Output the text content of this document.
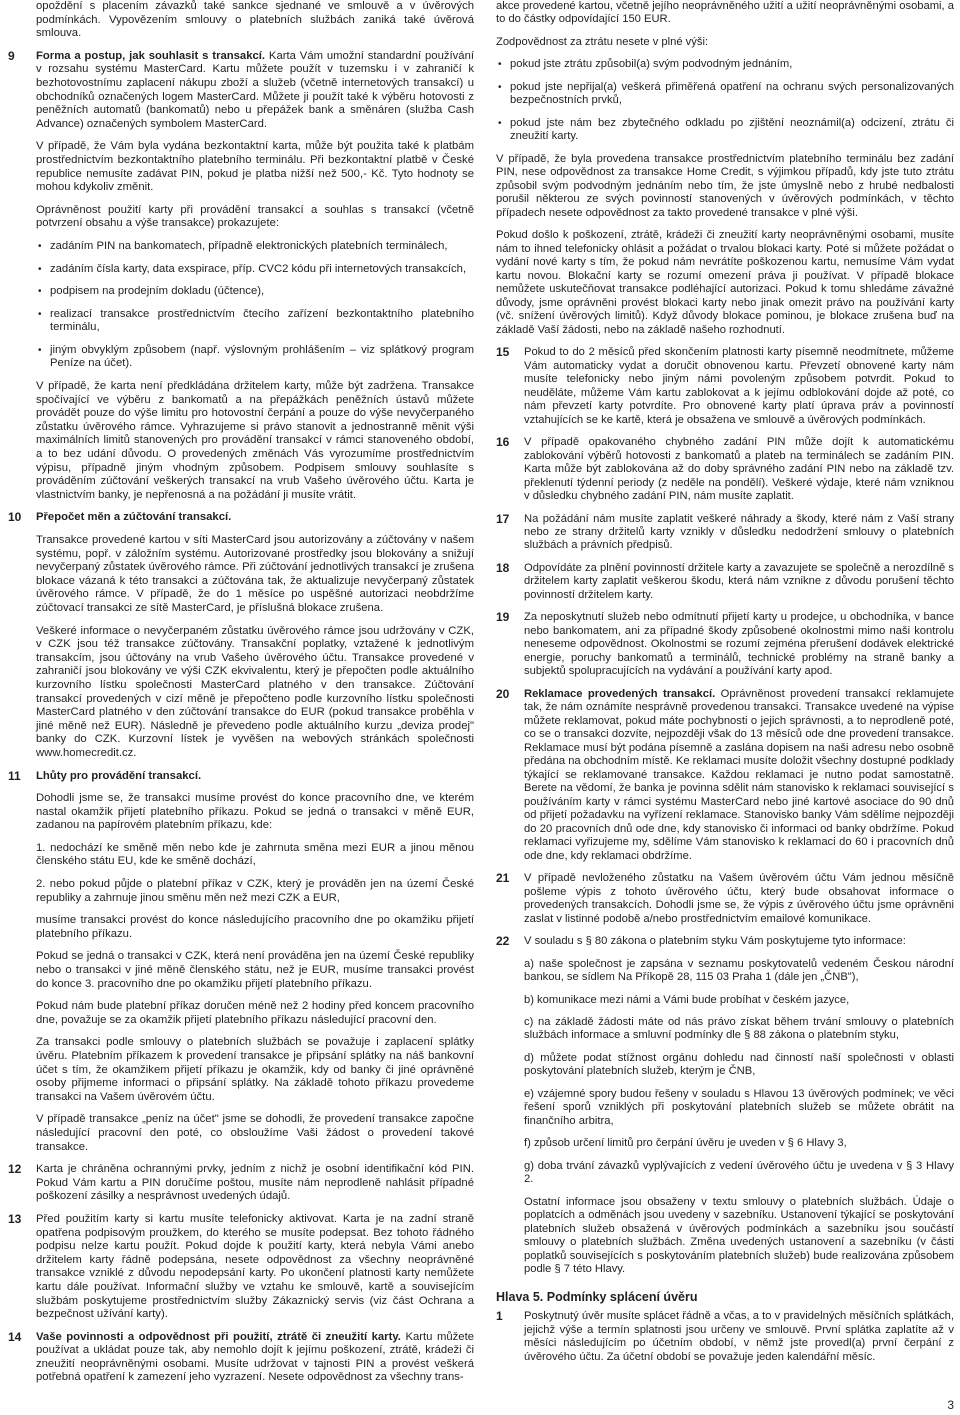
opoždění s placením závazků také sankce sjednané ve smlouvě a v úvěrových podmínkách. Vypovězením smlouvy o platebních službách zaniká také úvěrová smlouva.

9	Forma a postup, jak souhlasit s transakcí. Karta Vám umožní standardní používání v rozsahu systému MasterCard. Kartu můžete použít v tuzemsku i v zahraničí k bezhotovostnímu zaplacení nákupu zboží a služeb (včetně internetových transakcí) u obchodníků označených logem MasterCard. Můžete ji použít také k výběru hotovosti z peněžních automatů (bankomatů) nebo u přepážek bank a směnáren (služba Cash Advance) označených symbolem MasterCard.

V případě, že Vám byla vydána bezkontaktní karta, může být použita také k platbám prostřednictvím bezkontaktního platebního terminálu. Při bezkontaktní platbě v České republice nemusíte zadávat PIN, pokud je platba nižší než 500,- Kč. Tyto hodnoty se mohou kdykoliv změnit.

Oprávněnost použití karty při provádění transakcí a souhlas s transakcí (včetně potvrzení obsahu a výše transakce) prokazujete:

• zadáním PIN na bankomatech, případně elektronických platebních terminálech,
• zadáním čísla karty, data exspirace, příp. CVC2 kódu při internetových transakcích,
• podpisem na prodejním dokladu (účtence),
• realizací transakce prostřednictvím čtecího zařízení bezkontaktního platebního terminálu,
• jiným obvyklým způsobem (např. výslovným prohlášením – viz splátkový program Peníze na účet).

V případě, že karta není předkládána držitelem karty, může být zadržena. Transakce spočívající ve výběru z bankomatů a na přepážkách peněžních ústavů můžete provádět pouze do výše limitu pro hotovostní čerpání a pouze do výše nevyčerpaného zůstatku úvěrového rámce. Vyhrazujeme si právo stanovit a jednostranně měnit výši maximálních limitů stanovených pro provádění transakcí v rámci stanoveného období, a to bez udání důvodu. O provedených změnách Vás vyrozumíme prostřednictvím výpisu, případně jiným vhodným způsobem. Podpisem smlouvy souhlasíte s prováděním zúčtování veškerých transakcí na vrub Vašeho úvěrového účtu. Karta je vlastnictvím banky, je nepřenosná a na požádání ji musíte vrátit.

10	Přepočet měn a zúčtování transakcí.

Transakce provedené kartou v síti MasterCard jsou autorizovány a zúčtovány v našem systému, popř. v záložním systému. Autorizované prostředky jsou blokovány a snižují nevyčerpaný zůstatek úvěrového rámce. Při zúčtování jednotlivých transakcí je zrušena blokace vázaná k této transakci a zúčtována tak, že aktualizuje nevyčerpaný zůstatek úvěrového rámce. V případě, že do 1 měsíce po uspěšné autorizaci neobdržíme zúčtovací transakci ze sítě MasterCard, je příslušná blokace zrušena.

Veškeré informace o nevyčerpaném zůstatku úvěrového rámce jsou udržovány v CZK, v CZK jsou též transakce zúčtovány. Transakční poplatky, vztažené k jednotlivým transakcím, jsou účtovány na vrub Vašeho úvěrového účtu. Transakce provedené v zahraničí jsou blokovány ve výši CZK ekvivalentu, který je přepočten podle aktuálního kurzovního lístku společnosti MasterCard platného v den transakce. Zúčtování transakcí provedených v cizí měně je přepočteno podle kurzovního lístku společnosti MasterCard platného v den zúčtování transakce do EUR (pokud transakce proběhla v jiné měně než EUR). Následně je převedeno podle aktuálního kurzu „deviza prodej" banky do CZK. Kurzovní lístek je vyvěšen na webových stránkách společnosti www.homecredit.cz.

11	Lhůty pro provádění transakcí.

Dohodli jsme se, že transakci musíme provést do konce pracovního dne, ve kterém nastal okamžik přijetí platebního příkazu. Pokud se jedná o transakci v měně EUR, zadanou na papírovém platebním příkazu, kde:

1. nedochází ke směně měn nebo kde je zahrnuta směna mezi EUR a jinou měnou členského státu EU, kde ke směně dochází,

2. nebo pokud půjde o platební příkaz v CZK, který je prováděn jen na území České republiky a zahrnuje jinou směnu měn než mezi CZK a EUR,

musíme transakci provést do konce následujícího pracovního dne po okamžiku přijetí platebního příkazu.

Pokud se jedná o transakci v CZK, která není prováděna jen na území České republiky nebo o transakci v jiné měně členského státu, než je EUR, musíme transakci provést do konce 3. pracovního dne po okamžiku přijetí platebního příkazu.

Pokud nám bude platební příkaz doručen méně než 2 hodiny před koncem pracovního dne, považuje se za okamžik přijetí platebního příkazu následující pracovní den.

Za transakci podle smlouvy o platebních službách se považuje i zaplacení splátky úvěru. Platebním příkazem k provedení transakce je připsání splátky na náš bankovní účet s tím, že okamžikem přijetí příkazu je okamžik, kdy od banky či jiné oprávněné osoby přijmeme informaci o připsání splátky. Na základě tohoto příkazu provedeme transakci na Vašem úvěrovém účtu.

V případě transakce „peníz na účet" jsme se dohodli, že provedení transakce započne následující pracovní den poté, co obsloužíme Vaši žádost o provedení takové transakce.

12	Karta je chráněna ochrannými prvky, jedním z nichž je osobní identifikační kód PIN. Pokud Vám kartu a PIN doručíme poštou, musíte nám neprodleně nahlásit případné poškození zásilky a nesprávnost uvedených údajů.

13	Před použitím karty si kartu musíte telefonicky aktivovat. Karta je na zadní straně opatřena podpisovým proužkem, do kterého se musíte podepsat. Bez tohoto řádného podpisu nelze kartu použít. Pokud dojde k použití karty, která nebyla Vámi anebo držitelem karty řádně podepsána, nesete odpovědnost za všechny neoprávněné transakce vzniklé z důvodu nepodepsání karty. Po ukončení platnosti karty nemůžete kartu dále používat. Informační služby ve vztahu ke smlouvě, kartě a souvisejícím službám poskytujeme prostřednictvím služby Zákaznický servis (viz část Ochrana a bezpečnost užívání karty).

14	Vaše povinnosti a odpovědnost při použití, ztrátě či zneužití karty. Kartu můžete používat a ukládat pouze tak, aby nemohlo dojít k jejímu poškození, ztrátě, krádeži či zneužití neoprávněnými osobami. Musíte udržovat v tajnosti PIN a provést veškerá potřebná opatření k zamezení jeho vyzrazení. Nesete odpovědnost za všechny trans-

akce provedené kartou, včetně jejího neoprávněného užití a užití neoprávněnými osobami, a to do částky odpovídající 150 EUR.

Zodpovědnost za ztrátu nesete v plné výši:

• pokud jste ztrátu způsobil(a) svým podvodným jednáním,
• pokud jste nepřijal(a) veškerá přiměřená opatření na ochranu svých personalizovaných bezpečnostních prvků,
• pokud jste nám bez zbytečného odkladu po zjištění neoznámil(a) odcizení, ztrátu či zneužití karty.

V případě, že byla provedena transakce prostřednictvím platebního terminálu bez zadání PIN, nese odpovědnost za transakce Home Credit, s výjimkou případů, kdy jste tuto ztrátu způsobil svým podvodným jednáním nebo tím, že jste úmyslně nebo z hrubé nedbalosti porušil některou ze svých povinností stanovených v úvěrových podmínkách, v těchto případech nesete odpovědnost za takto provedené transakce v plné výši.

Pokud došlo k poškození, ztrátě, krádeži či zneužití karty neoprávněnými osobami, musíte nám to ihned telefonicky ohlásit a požádat o trvalou blokaci karty. Poté si můžete požádat o vydání nové karty s tím, že pokud nám nevrátíte poškozenou kartu, nemusíme Vám vydat kartu novou. Blokační karty se rozumí omezení práva ji používat. V případě blokace nemůžete uskutečňovat transakce podléhající autorizaci. Pokud k tomu shledáme závažné důvody, jsme oprávněni provést blokaci karty nebo jinak omezit právo na používání karty (vč. snížení úvěrových limitů). Když důvody blokace pominou, je blokace zrušena buď na základě Vaší žádosti, nebo na základě našeho rozhodnutí.

15	Pokud to do 2 měsíců před skončením platnosti karty písemně neodmítnete, můžeme Vám automaticky vydat a doručit obnovenou kartu. Převzetí obnovené karty nám musíte telefonicky nebo jiným námi povoleným způsobem potvrdit. Pokud to neuděláte, můžeme Vám kartu zablokovat a k jejímu odblokování dojde až poté, co nám převzetí karty potvrdíte. Pro obnovené karty platí úprava práv a povinností vztahujících se ke kartě, která je obsažena ve smlouvě a úvěrových podmínkách.

16	V případě opakovaného chybného zadání PIN může dojít k automatickému zablokování výběrů hotovosti z bankomatů a plateb na terminálech se zadáním PIN. Karta může být zablokována až do doby správného zadání PIN nebo na základě tzv. překlenutí týdenní periody (z neděle na pondělí). Veškeré výdaje, které nám vzniknou v důsledku chybného zadání PIN, nám musíte zaplatit.

17	Na požádání nám musíte zaplatit veškeré náhrady a škody, které nám z Vaší strany nebo ze strany držitelů karty vznikly v důsledku nedodržení smlouvy o platebních službách a právních předpisů.

18	Odpovídáte za plnění povinností držitele karty a zavazujete se společně a nerozdílně s držitelem karty zaplatit veškerou škodu, která nám vznikne z důvodu porušení těchto povinností držitelem karty.

19	Za neposkytnutí služeb nebo odmítnutí přijetí karty u prodejce, u obchodníka, v bance nebo bankomatem, ani za případné škody způsobené okolnostmi mimo naši kontrolu neneseme odpovědnost. Okolnostmi se rozumí zejména přerušení dodávek elektrické energie, poruchy bankomatů a terminálů, technické problémy na straně banky a subjektů spolupracujících na vydávání a používání karty apod.

20	Reklamace provedených transakcí. Oprávněnost provedení transakcí reklamujete tak, že nám oznámíte nesprávně provedenou transakci. Transakce uvedené na výpise můžete reklamovat, pokud máte pochybnosti o jejich správnosti, a to neprodleně poté, co se o transakci dozvíte, nejpozději však do 13 měsíců ode dne provedení transakce. Reklamace musí být podána písemně a zaslána dopisem na naši adresu nebo osobně předána na obchodním místě. Ke reklamaci musíte doložit všechny dostupné podklady týkající se reklamované transakce. Každou reklamaci je nutno podat samostatně. Berete na vědomí, že banka je povinna sdělit nám stanovisko k reklamaci související s používáním karty v rámci systému MasterCard nebo jiné kartové asociace do 90 dnů od přijetí požadavku na vyřízení reklamace. Stanovisko banky Vám sdělíme nejpozději do 20 pracovních dnů ode dne, kdy stanovisko či informaci od banky obdržíme. Pokud reklamaci vyřizujeme my, sdělíme Vám stanovisko k reklamaci do 60 i pracovních dnů ode dne, kdy reklamaci obdržíme.

21	V případě nevloženého zůstatku na Vašem úvěrovém účtu Vám jednou měsíčně pošleme výpis z tohoto úvěrového účtu, který bude obsahovat informace o provedených transakcích. Dohodli jsme se, že výpis z úvěrového účtu jsme oprávněni zaslat v listinné podobě a/nebo prostřednictvím emailové komunikace.

22	V souladu s § 80 zákona o platebním styku Vám poskytujeme tyto informace:

a) naše společnost je zapsána v seznamu poskytovatelů vedeném Českou národní bankou, se sídlem Na Příkopě 28, 115 03 Praha 1 (dále jen „ČNB"),

b) komunikace mezi námi a Vámi bude probíhat v českém jazyce,

c) na základě žádosti máte od nás právo získat během trvání smlouvy o platebních službách informace a smluvní podmínky dle § 88 zákona o platebním styku,

d) můžete podat stížnost orgánu dohledu nad činností naší společnosti v oblasti poskytování platebních služeb, kterým je ČNB,

e) vzájemné spory budou řešeny v souladu s Hlavou 13 úvěrových podmínek; ve věci řešení sporů vzniklých při poskytování platebních služeb se můžete obrátit na finančního arbitra,

f) způsob určení limitů pro čerpání úvěru je uveden v § 6 Hlavy 3,

g) doba trvání závazků vyplývajících z vedení úvěrového účtu je uvedena v § 3 Hlavy 2.

Ostatní informace jsou obsaženy v textu smlouvy o platebních službách. Údaje o poplatcích a odměnách jsou uvedeny v sazebníku. Ustanovení týkající se poskytování platebních služeb obsažená v úvěrových podmínkách a sazebníku jsou součástí smlouvy o platebních službách. Změna uvedených ustanovení a sazebníku (v části poplatků souvisejících s poskytováním platebních služeb) bude realizována způsobem podle § 7 této Hlavy.

Hlava 5. Podmínky splácení úvěru
1	Poskytnutý úvěr musíte splácet řádně a včas, a to v pravidelných měsíčních splátkách, jejichž výše a termín splatnosti jsou určeny ve smlouvě. První splátka zaplatíte až v měsíci následujícím po účetním období, v němž jste provedl(a) první čerpání z úvěrového účtu. Za účetní období se považuje jeden kalendářní měsíc.

3
